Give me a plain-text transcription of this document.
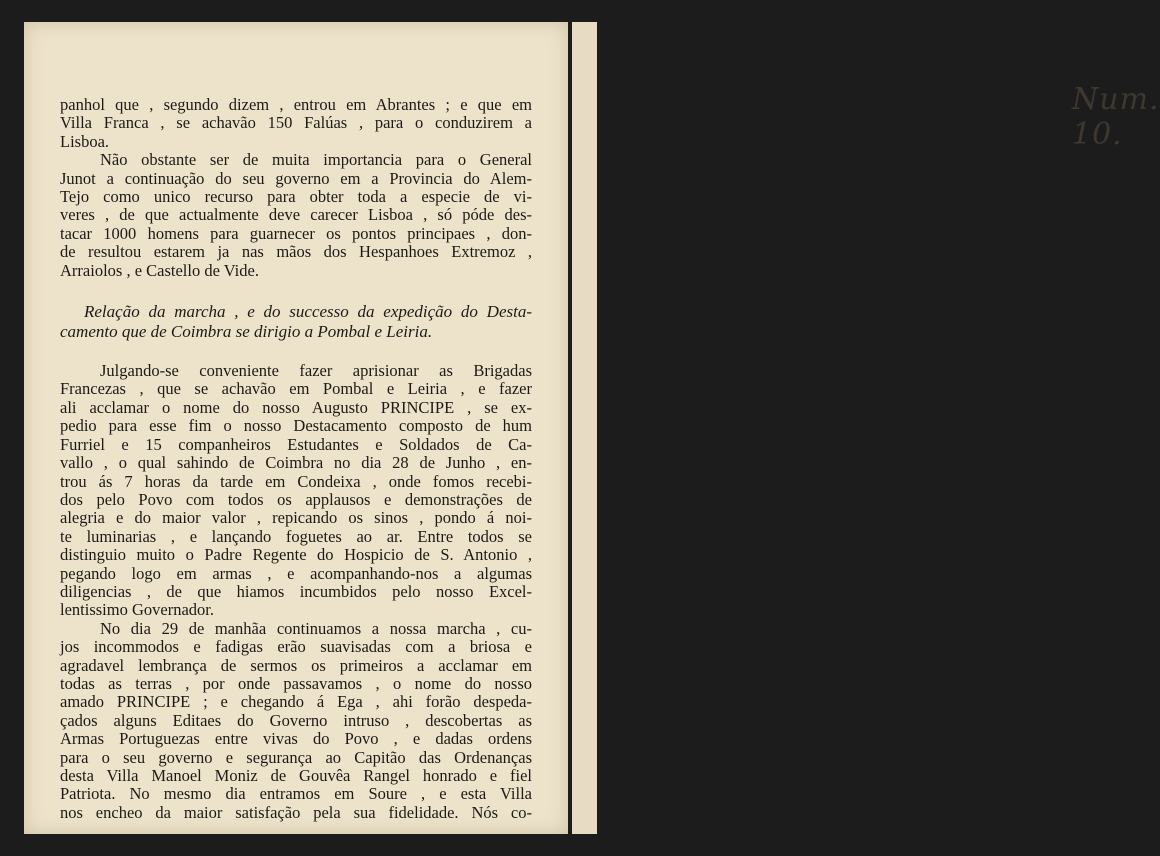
Num. 10.

panhol que , segundo dizem , entrou em Abrantes ; e que em
Villa Franca , se achavão 150 Falúas , para o conduzirem a
Lisboa.

Não obstante ser de muita importancia para o General
Junot a continuação do seu governo em a Provincia do Alem-
Tejo como unico recurso para obter toda a especie de vi-
veres , de que actualmente deve carecer Lisboa , só póde des-
tacar 1000 homens para guarnecer os pontos principaes , don-
de resultou estarem ja nas mãos dos Hespanhoes Extremoz ,
Arraiolos , e Castello de Vide.

Relação da marcha , e do successo da expedição do Desta-
camento que de Coimbra se dirigio a Pombal e Leiria.

Julgando-se conveniente fazer aprisionar as Brigadas
Francezas , que se achavão em Pombal e Leiria , e fazer
ali acclamar o nome do nosso Augusto PRINCIPE , se ex-
pedio para esse fim o nosso Destacamento composto de hum
Furriel e 15 companheiros Estudantes e Soldados de Ca-
vallo , o qual sahindo de Coimbra no dia 28 de Junho , en-
trou ás 7 horas da tarde em Condeixa , onde fomos recebi-
dos pelo Povo com todos os applausos e demonstrações de
alegria e do maior valor , repicando os sinos , pondo á noi-
te luminarias , e lançando foguetes ao ar. Entre todos se
distinguio muito o Padre Regente do Hospicio de S. Antonio ,
pegando logo em armas , e acompanhando-nos a algumas
diligencias , de que hiamos incumbidos pelo nosso Excel-
lentissimo Governador.

No dia 29 de manhãa continuamos a nossa marcha , cu-
jos incommodos e fadigas erão suavisadas com a briosa e
agradavel lembrança de sermos os primeiros a acclamar em
todas as terras , por onde passavamos , o nome do nosso
amado PRINCIPE ; e chegando á Ega , ahi forão despeda-
çados alguns Editaes do Governo intruso , descobertas as
Armas Portuguezas entre vivas do Povo , e dadas ordens
para o seu governo e segurança ao Capitão das Ordenanças
desta Villa Manoel Moniz de Gouvêa Rangel honrado e fiel
Patriota. No mesmo dia entramos em Soure , e esta Villa
nos encheo da maior satisfação pela sua fidelidade. Nós co-
